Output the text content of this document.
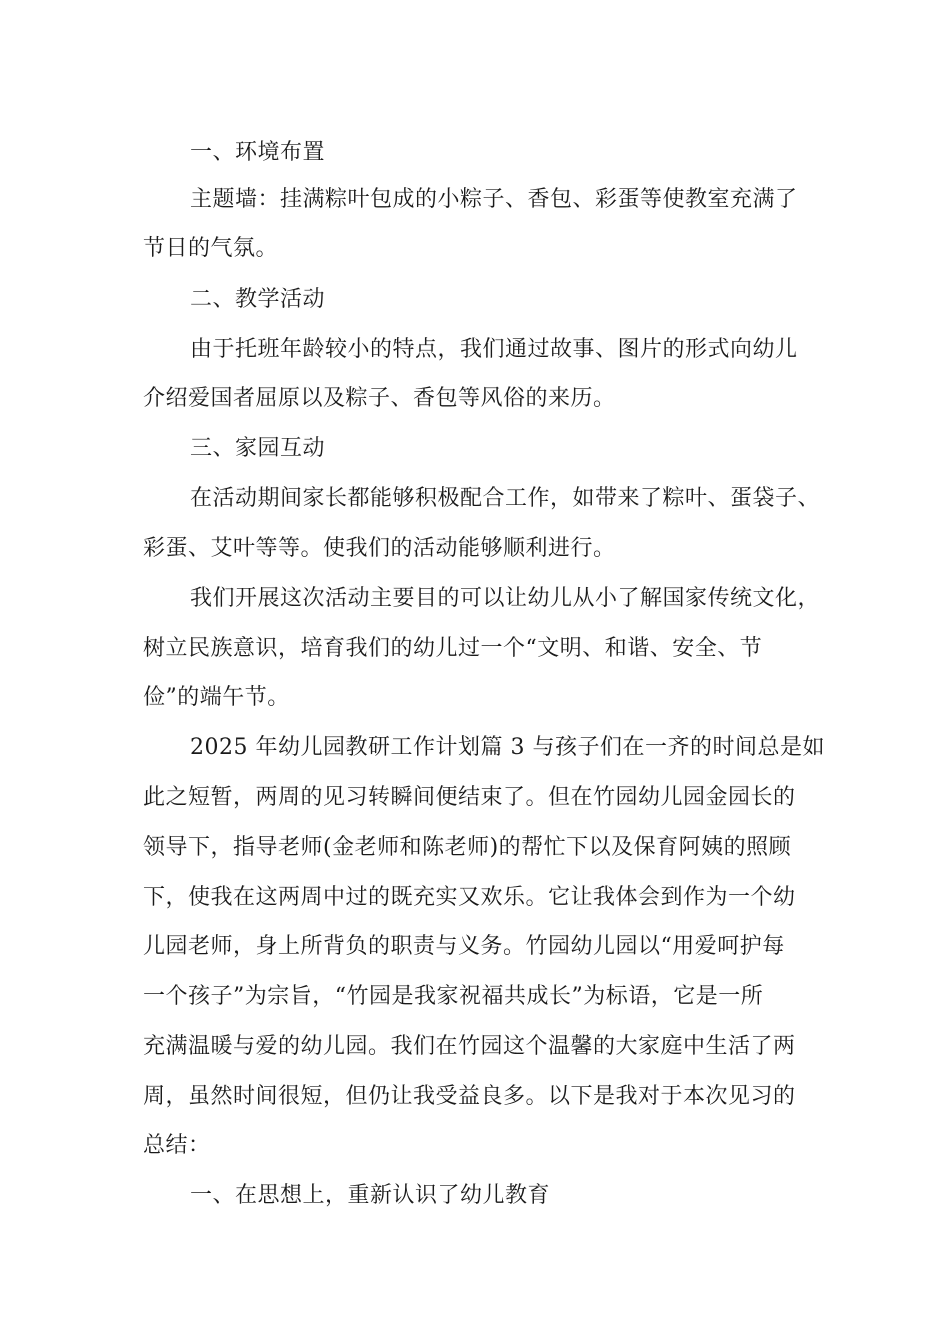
一、环境布置
主题墙：挂满粽叶包成的小粽子、香包、彩蛋等使教室充满了
节日的气氛。
二、教学活动
由于托班年龄较小的特点，我们通过故事、图片的形式向幼儿
介绍爱国者屈原以及粽子、香包等风俗的来历。
三、家园互动
在活动期间家长都能够积极配合工作，如带来了粽叶、蛋袋子、
彩蛋、艾叶等等。使我们的活动能够顺利进行。
我们开展这次活动主要目的可以让幼儿从小了解国家传统文化，
树立民族意识，培育我们的幼儿过一个“文明、和谐、安全、节
俭”的端午节。
2025 年幼儿园教研工作计划篇 3 与孩子们在一齐的时间总是如
此之短暂，两周的见习转瞬间便结束了。但在竹园幼儿园金园长的
领导下，指导老师(金老师和陈老师)的帮忙下以及保育阿姨的照顾
下，使我在这两周中过的既充实又欢乐。它让我体会到作为一个幼
儿园老师，身上所背负的职责与义务。竹园幼儿园以“用爱呵护每
一个孩子”为宗旨，“竹园是我家祝福共成长”为标语，它是一所
充满温暖与爱的幼儿园。我们在竹园这个温馨的大家庭中生活了两
周，虽然时间很短，但仍让我受益良多。以下是我对于本次见习的
总结：
一、在思想上，重新认识了幼儿教育
